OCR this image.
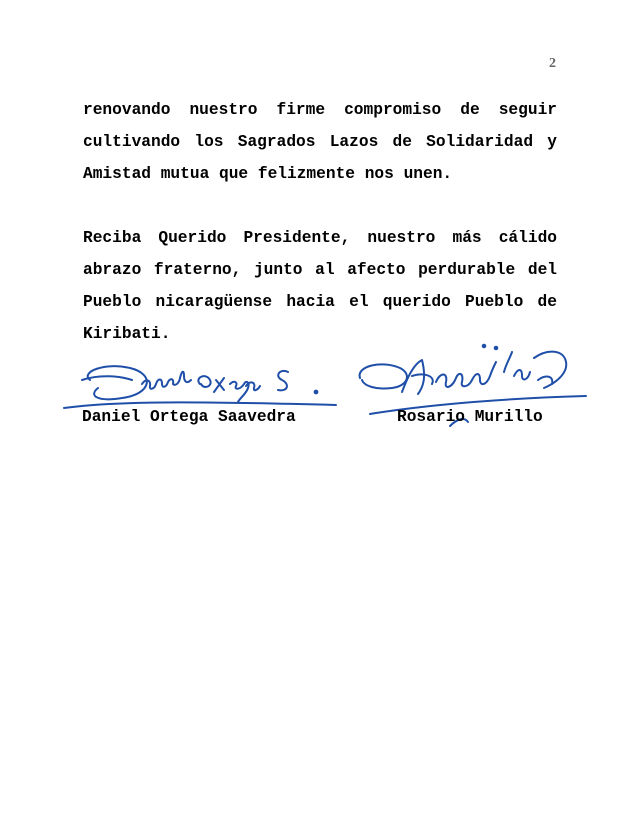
2

renovando nuestro firme compromiso de seguir cultivando los Sagrados Lazos de Solidaridad y Amistad mutua que felizmente nos unen.

Reciba Querido Presidente, nuestro más cálido abrazo fraterno, junto al afecto perdurable del Pueblo nicaragüense hacia el querido Pueblo de Kiribati.

Daniel Ortega Saavedra	Rosario Murillo
